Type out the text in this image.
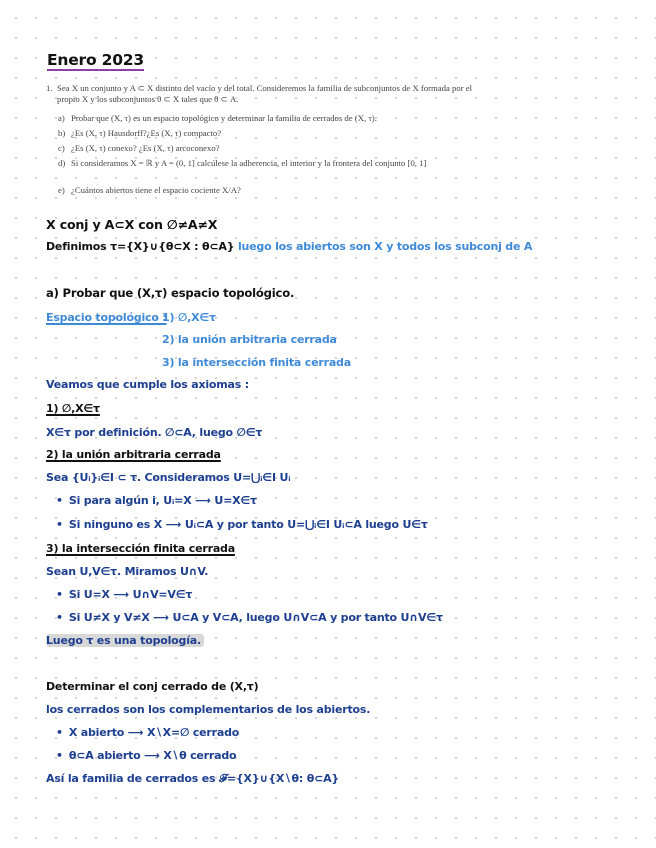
Enero 2023
1. Sea X un conjunto y A ⊂ X distinto del vacío y del total. Consideremos la familia de subconjuntos de X formada por el propio X y los subconjuntos θ ⊂ X tales que θ ⊂ A.
a) Probar que (X, τ) es un espacio topológico y determinar la familia de cerrados de (X, τ).
b) ¿Es (X, τ) Hausdorff?¿Es (X, τ) compacto?
c) ¿Es (X, τ) conexo? ¿Es (X, τ) arcoconexo?
d) Si consideramos X = ℝ y A = (0, 1] calcúlese la adherencia, el interior y la frontera del conjunto [0, 1]
e) ¿Cuántos abiertos tiene el espacio cociente X/A?
X conj y A⊂X con ∅≠A≠X
Definimos τ={X}∪{θ⊂X : θ⊂A} luego los abiertos son X y todos los subconj de A
a) Probar que (X,τ) espacio topológico.
Espacio topológico :
1) ∅,X∈τ
2) la unión arbitraria cerrada
3) la intersección finita cerrada
Veamos que cumple los axiomas :
1) ∅,X∈τ
X∈τ por definición. ∅⊂A, luego ∅∈τ
2) la unión arbitraria cerrada
Sea {Uᵢ}ᵢ∈I ⊂ τ. Consideramos U=⋃ᵢ∈I Uᵢ
• Si para algún i, Uᵢ=X ⟶ U=X∈τ
• Si ninguno es X ⟶ Uᵢ⊂A y por tanto U=⋃ᵢ∈I Uᵢ⊂A luego U∈τ
3) la intersección finita cerrada
Sean U,V∈τ. Miramos U∩V.
• Si U=X ⟶ U∩V=V∈τ
• Si U≠X y V≠X ⟶ U⊂A y V⊂A, luego U∩V⊂A y por tanto U∩V∈τ
Luego τ es una topología.
Determinar el conj cerrado de (X,τ)
los cerrados son los complementarios de los abiertos.
• X abierto ⟶ X∖X=∅ cerrado
• θ⊂A abierto ⟶ X∖θ cerrado
Así la familia de cerrados es 𝓕={X}∪{X∖θ: θ⊂A}
